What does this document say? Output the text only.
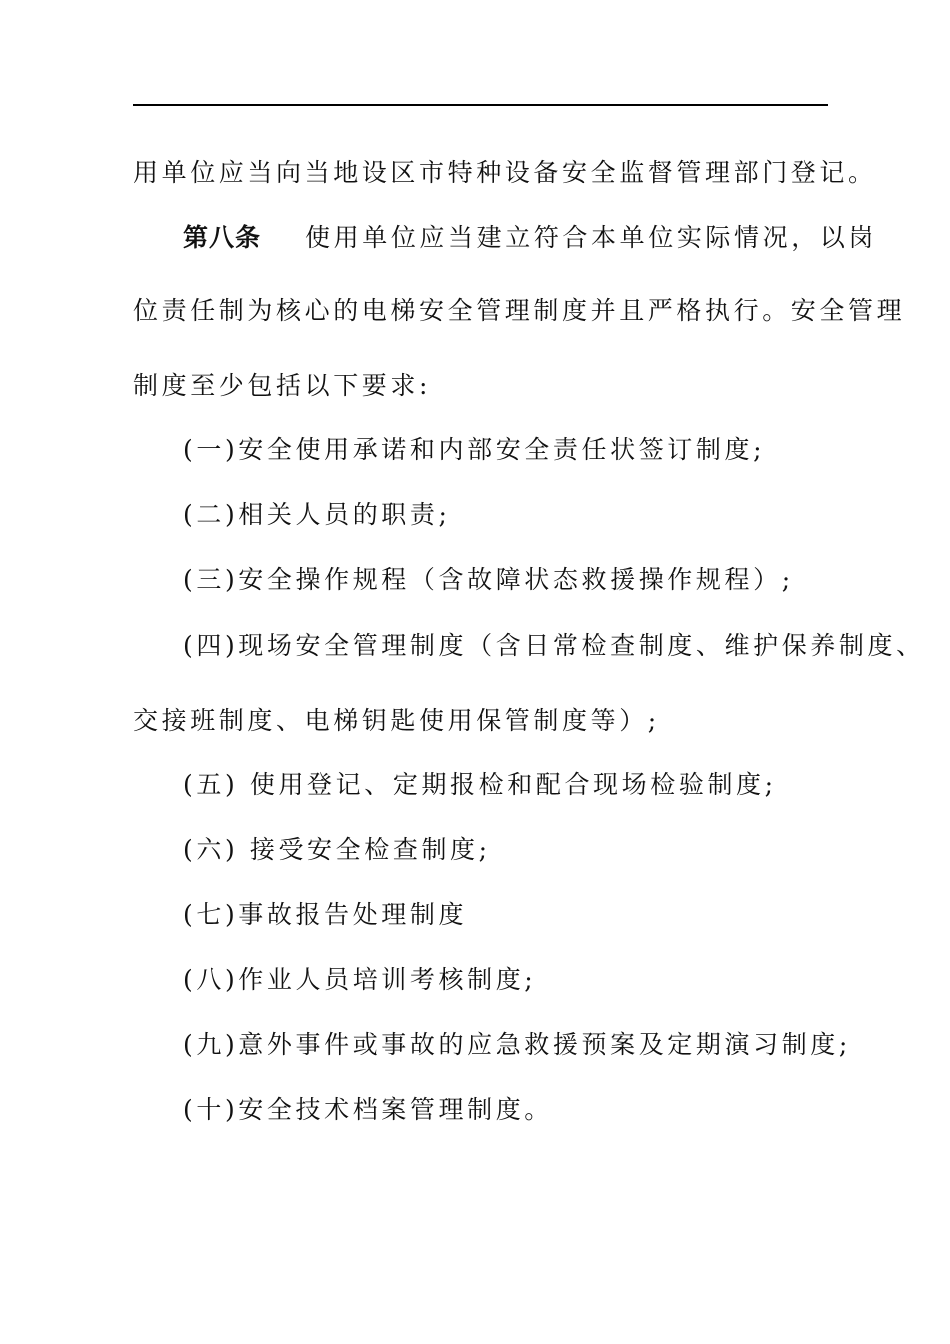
用单位应当向当地设区市特种设备安全监督管理部门登记。
第八条 使用单位应当建立符合本单位实际情况，以岗
位责任制为核心的电梯安全管理制度并且严格执行。安全管理
制度至少包括以下要求:
(一)安全使用承诺和内部安全责任状签订制度;
(二)相关人员的职责;
(三)安全操作规程（含故障状态救援操作规程）;
(四)现场安全管理制度（含日常检查制度、维护保养制度、
交接班制度、电梯钥匙使用保管制度等）;
(五) 使用登记、定期报检和配合现场检验制度;
(六) 接受安全检查制度;
(七)事故报告处理制度
(八)作业人员培训考核制度;
(九)意外事件或事故的应急救援预案及定期演习制度;
(十)安全技术档案管理制度。
